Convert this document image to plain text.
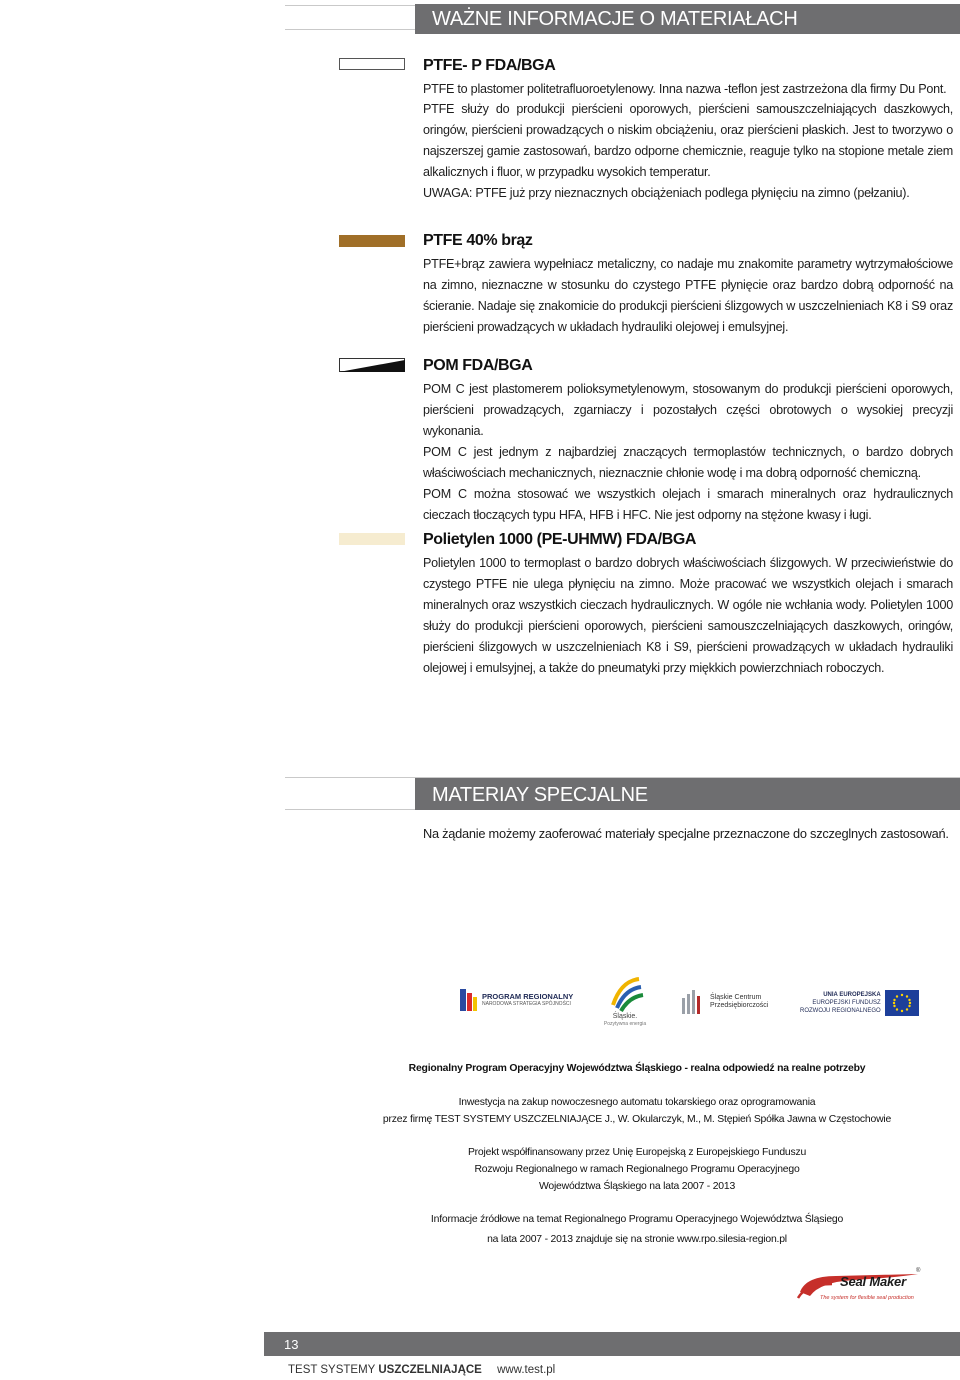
WAŻNE INFORMACJE O MATERIAŁACH
PTFE- P FDA/BGA

PTFE to plastomer politetrafluoroetylenowy. Inna nazwa -teflon jest zastrzeżona dla firmy Du Pont.

PTFE służy do produkcji pierścieni oporowych, pierścieni samouszczelniających daszkowych, oringów, pierścieni prowadzących o niskim obciążeniu, oraz pierścieni płaskich. Jest to tworzywo o najszerszej gamie zastosowań, bardzo odporne chemicznie, reaguje tylko na stopione metale ziem alkalicznych i fluor, w przypadku wysokich temperatur.

UWAGA: PTFE już przy nieznacznych obciążeniach podlega płynięciu na zimno (pełzaniu).

PTFE 40% brąz

PTFE+brąz zawiera wypełniacz metaliczny, co nadaje mu znakomite parametry wytrzymałościowe na zimno, nieznaczne w stosunku do czystego PTFE płynięcie oraz bardzo dobrą odporność na ścieranie. Nadaje się znakomicie do produkcji pierścieni ślizgowych w uszczelnieniach K8 i S9 oraz pierścieni prowadzących w układach hydrauliki olejowej i emulsyjnej.

POM FDA/BGA

POM C jest plastomerem polioksymetylenowym, stosowanym do produkcji pierścieni oporowych, pierścieni prowadzących, zgarniaczy i pozostałych części obrotowych o wysokiej precyzji wykonania.

POM C jest jednym z najbardziej znaczących termoplastów technicznych, o bardzo dobrych właściwościach mechanicznych, nieznacznie chłonie wodę i ma dobrą odporność chemiczną.

POM C można stosować we wszystkich olejach i smarach mineralnych oraz hydraulicznych cieczach tłoczących typu HFA, HFB i HFC. Nie jest odporny na stężone kwasy i ługi.

Polietylen 1000 (PE-UHMW) FDA/BGA

Polietylen 1000 to termoplast o bardzo dobrych właściwościach ślizgowych. W przeciwieństwie do czystego PTFE nie ulega płynięciu na zimno. Może pracować we wszystkich olejach i smarach mineralnych oraz wszystkich cieczach hydraulicznych. W ogóle nie wchłania wody. Polietylen 1000 służy do produkcji pierścieni oporowych, pierścieni samouszczelniających daszkowych, oringów, pierścieni ślizgowych w uszczelnieniach K8 i S9, pierścieni prowadzących w układach hydrauliki olejowej i emulsyjnej, a także do pneumatyki przy miękkich powierzchniach roboczych.

MATERIAY SPECJALNE
Na żądanie możemy zaoferować materiały specjalne przeznaczone do szczeglnych zastosowań.
PROGRAM REGIONALNY
NARODOWA STRATEGIA SPÓJNOŚCI
Śląskie.
Pozytywna energia
Śląskie Centrum
Przedsiębiorczości
UNIA EUROPEJSKA
EUROPEJSKI FUNDUSZ
ROZWOJU REGIONALNEGO
Regionalny Program Operacyjny Województwa Śląskiego - realna odpowiedź na realne potrzeby
Inwestycja na zakup nowoczesnego automatu tokarskiego oraz oprogramowania
przez firmę TEST SYSTEMY USZCZELNIAJĄCE J., W. Okularczyk, M., M. Stępień Spółka Jawna w Częstochowie
Projekt współfinansowany przez Unię Europejską z Europejskiego Funduszu
Rozwoju Regionalnego w ramach Regionalnego Programu Operacyjnego
Województwa Śląskiego na lata 2007 - 2013
Informacje źródłowe na temat Regionalnego Programu Operacyjnego Województwa Śląsiego
na lata 2007 - 2013 znajduje się na stronie www.rpo.silesia-region.pl
Seal Maker
®
The system for flexible seal production
13
TEST SYSTEMY USZCZELNIAJĄCE www.test.pl
